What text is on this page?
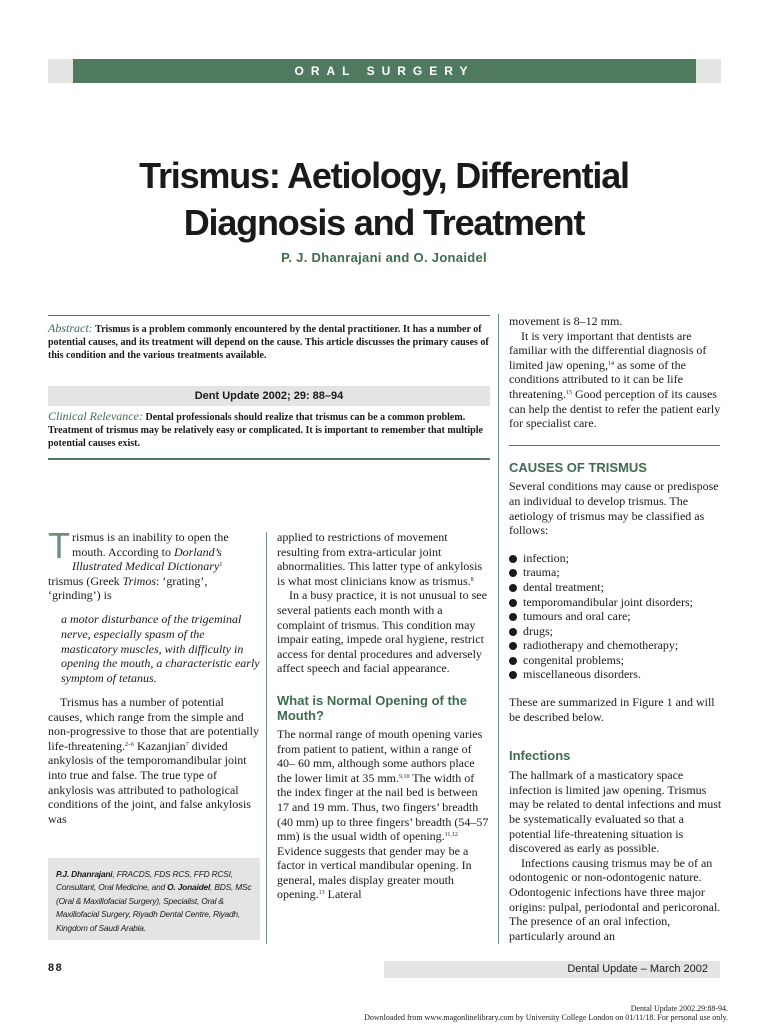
ORAL SURGERY
Trismus: Aetiology, Differential
Diagnosis and Treatment
P. J. Dhanrajani and O. Jonaidel
Abstract: Trismus is a problem commonly encountered by the dental practitioner. It has a number of potential causes, and its treatment will depend on the cause. This article discusses the primary causes of this condition and the various treatments available.
Dent Update 2002; 29: 88–94
Clinical Relevance: Dental professionals should realize that trismus can be a common problem. Treatment of trismus may be relatively easy or complicated. It is important to remember that multiple potential causes exist.

Trismus is an inability to open the mouth. According to Dorland’s Illustrated Medical Dictionary$^1$ trismus (Greek Trimos: ‘grating’, ‘grinding’) is

a motor disturbance of the trigeminal nerve, especially spasm of the masticatory muscles, with difficulty in opening the mouth, a characteristic early symptom of tetanus.

Trismus has a number of potential causes, which range from the simple and non-progressive to those that are potentially life-threatening.$^{2-6}$ Kazanjian$^7$ divided ankylosis of the temporomandibular joint into true and false. The true type of ankylosis was attributed to pathological conditions of the joint, and false ankylosis was

P.J. Dhanrajani, FRACDS, FDS RCS, FFD RCSI, Consultant, Oral Medicine, and O. Jonaidel, BDS, MSc (Oral & Maxillofacial Surgery), Specialist, Oral & Maxillofacial Surgery, Riyadh Dental Centre, Riyadh, Kingdom of Saudi Arabia.

applied to restrictions of movement resulting from extra-articular joint abnormalities. This latter type of ankylosis is what most clinicians know as trismus.$^8$

In a busy practice, it is not unusual to see several patients each month with a complaint of trismus. This condition may impair eating, impede oral hygiene, restrict access for dental procedures and adversely affect speech and facial appearance.

What is Normal Opening of the Mouth?

The normal range of mouth opening varies from patient to patient, within a range of 40– 60 mm, although some authors place the lower limit at 35 mm.$^{9,10}$ The width of the index finger at the nail bed is between 17 and 19 mm. Thus, two fingers’ breadth (40 mm) up to three fingers’ breadth (54–57 mm) is the usual width of opening.$^{11,12}$ Evidence suggests that gender may be a factor in vertical mandibular opening. In general, males display greater mouth opening.$^{13}$ Lateral

movement is 8–12 mm.

It is very important that dentists are familiar with the differential diagnosis of limited jaw opening,$^{14}$ as some of the conditions attributed to it can be life threatening.$^{15}$ Good perception of its causes can help the dentist to refer the patient early for specialist care.

CAUSES OF TRISMUS

Several conditions may cause or predispose an individual to develop trismus. The aetiology of trismus may be classified as follows:

infection;
trauma;
dental treatment;
temporomandibular joint disorders;
tumours and oral care;
drugs;
radiotherapy and chemotherapy;
congenital problems;
miscellaneous disorders.

These are summarized in Figure 1 and will be described below.

Infections

The hallmark of a masticatory space infection is limited jaw opening. Trismus may be related to dental infections and must be systematically evaluated so that a potential life-threatening situation is discovered as early as possible.

Infections causing trismus may be of an odontogenic or non-odontogenic nature. Odontogenic infections have three major origins: pulpal, periodontal and pericoronal. The presence of an oral infection, particularly around an

88	Dental Update – March 2002
Dental Update 2002.29:88-94.
Downloaded from www.magonlinelibrary.com by University College London on 01/11/18. For personal use only.
